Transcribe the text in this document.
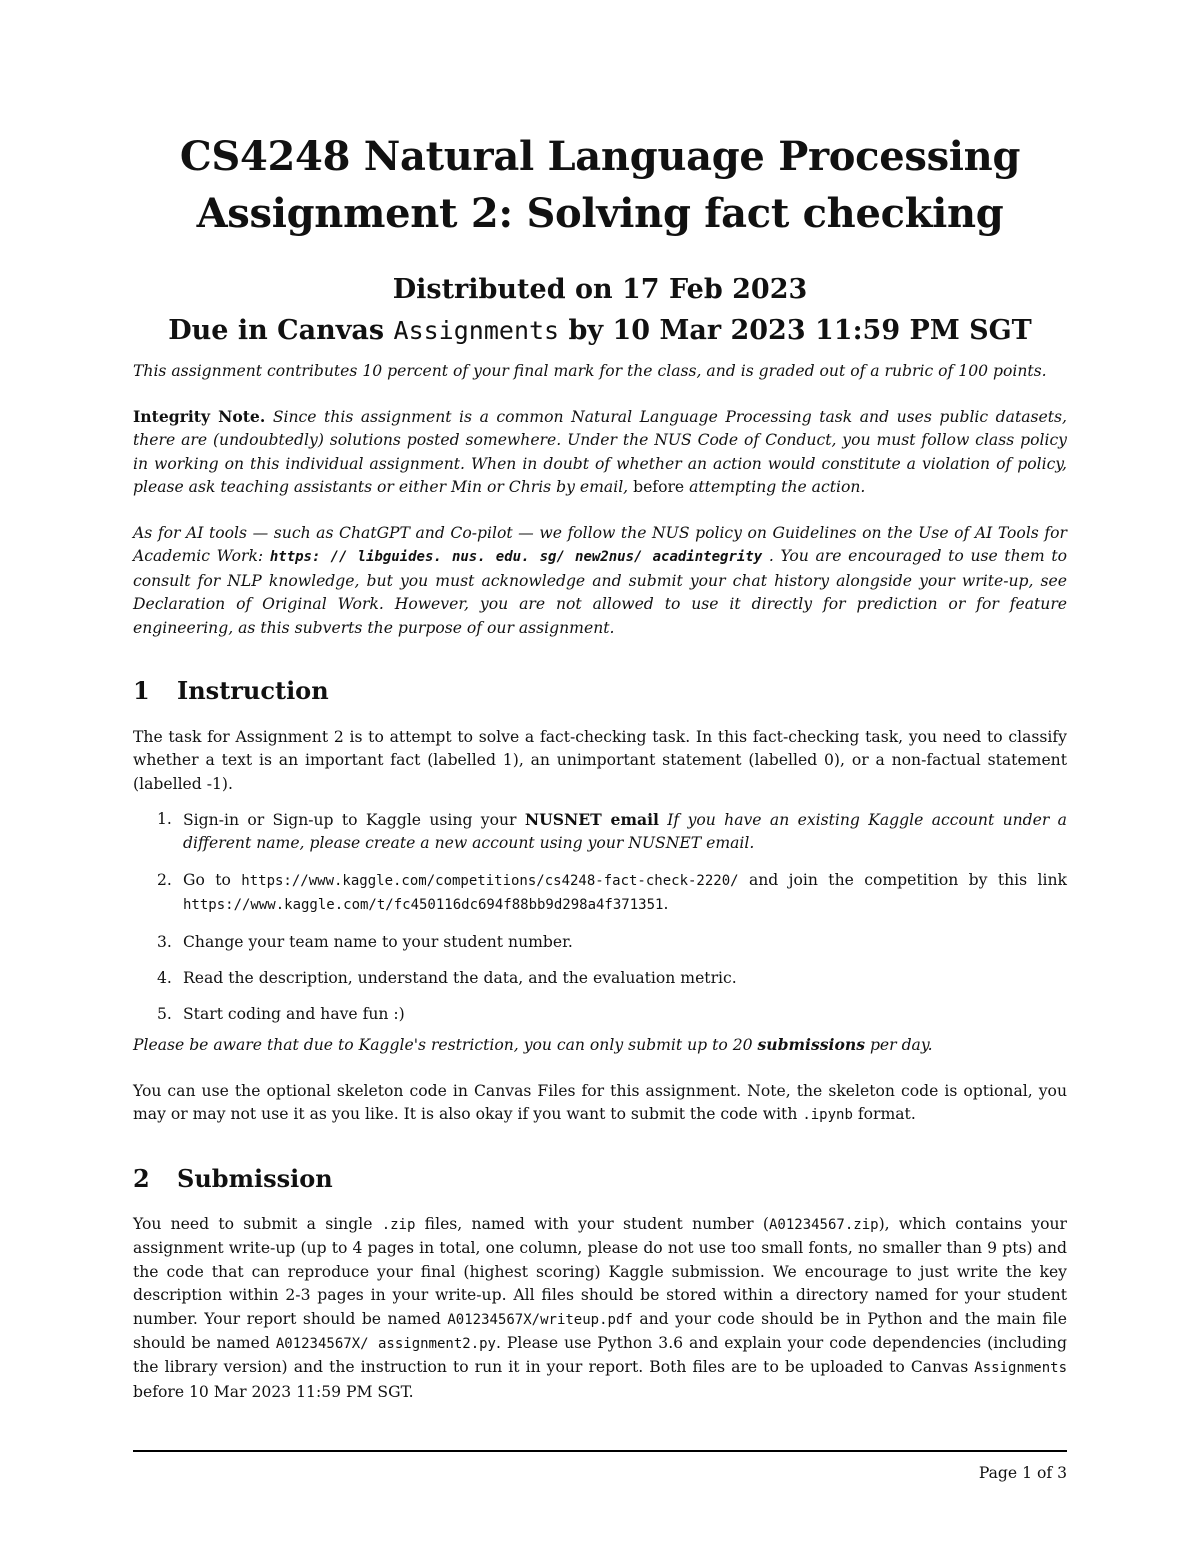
CS4248 Natural Language Processing
Assignment 2: Solving fact checking
Distributed on 17 Feb 2023
Due in Canvas Assignments by 10 Mar 2023 11:59 PM SGT
This assignment contributes 10 percent of your final mark for the class, and is graded out of a rubric of 100 points.
Integrity Note. Since this assignment is a common Natural Language Processing task and uses public datasets, there are (undoubtedly) solutions posted somewhere. Under the NUS Code of Conduct, you must follow class policy in working on this individual assignment. When in doubt of whether an action would constitute a violation of policy, please ask teaching assistants or either Min or Chris by email, before attempting the action.
As for AI tools — such as ChatGPT and Co-pilot — we follow the NUS policy on Guidelines on the Use of AI Tools for Academic Work: https: // libguides. nus. edu. sg/ new2nus/ acadintegrity . You are encouraged to use them to consult for NLP knowledge, but you must acknowledge and submit your chat history alongside your write-up, see Declaration of Original Work. However, you are not allowed to use it directly for prediction or for feature engineering, as this subverts the purpose of our assignment.
1 Instruction
The task for Assignment 2 is to attempt to solve a fact-checking task. In this fact-checking task, you need to classify whether a text is an important fact (labelled 1), an unimportant statement (labelled 0), or a non-factual statement (labelled -1).
1. Sign-in or Sign-up to Kaggle using your NUSNET email If you have an existing Kaggle account under a different name, please create a new account using your NUSNET email.
2. Go to https://www.kaggle.com/competitions/cs4248-fact-check-2220/ and join the competition by this link https://www.kaggle.com/t/fc450116dc694f88bb9d298a4f371351.
3. Change your team name to your student number.
4. Read the description, understand the data, and the evaluation metric.
5. Start coding and have fun :)
Please be aware that due to Kaggle's restriction, you can only submit up to 20 submissions per day.
You can use the optional skeleton code in Canvas Files for this assignment. Note, the skeleton code is optional, you may or may not use it as you like. It is also okay if you want to submit the code with .ipynb format.
2 Submission
You need to submit a single .zip files, named with your student number (A01234567.zip), which contains your assignment write-up (up to 4 pages in total, one column, please do not use too small fonts, no smaller than 9 pts) and the code that can reproduce your final (highest scoring) Kaggle submission. We encourage to just write the key description within 2-3 pages in your write-up. All files should be stored within a directory named for your student number. Your report should be named A01234567X/writeup.pdf and your code should be in Python and the main file should be named A01234567X/ assignment2.py. Please use Python 3.6 and explain your code dependencies (including the library version) and the instruction to run it in your report. Both files are to be uploaded to Canvas Assignments before 10 Mar 2023 11:59 PM SGT.
Page 1 of 3
